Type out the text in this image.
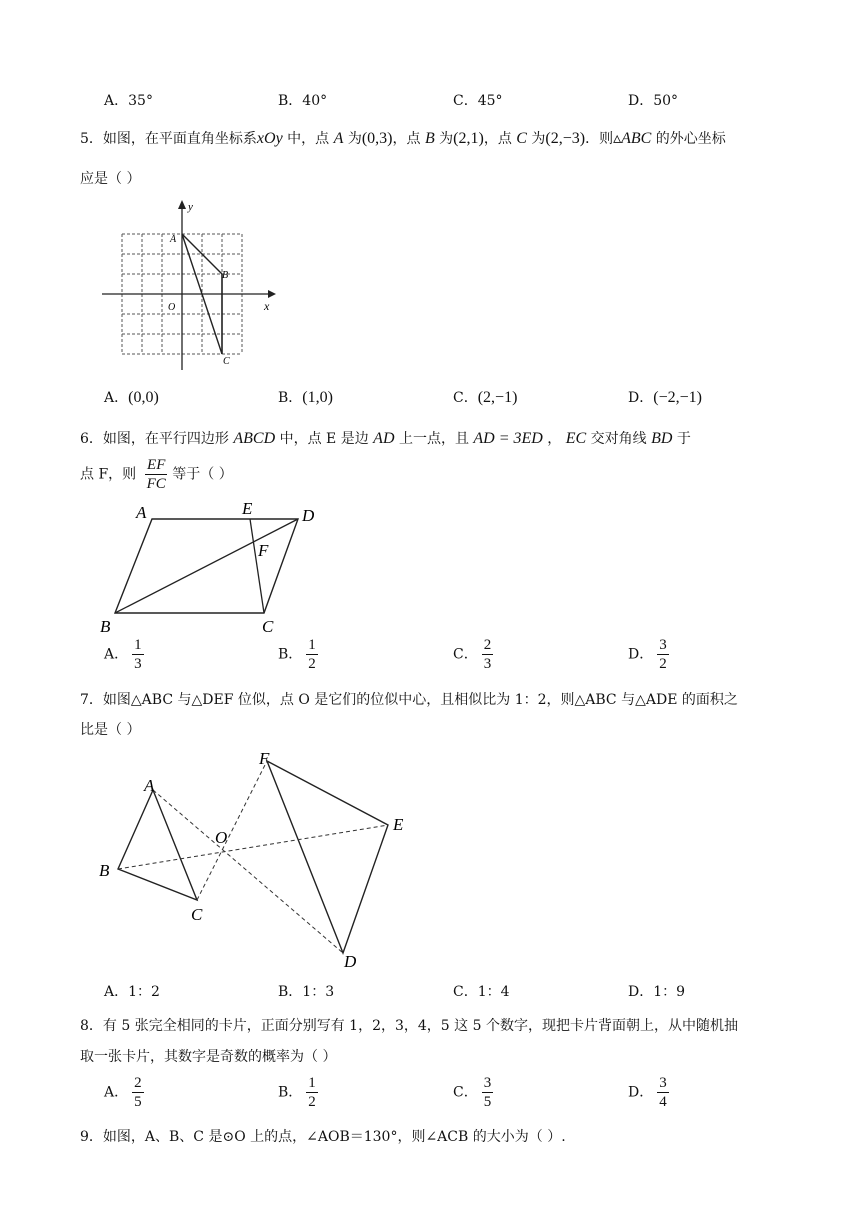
A．35°	B．40°	C．45°	D．50°
5．如图，在平面直角坐标系xOy 中，点 A 为(0,3)，点 B 为(2,1)，点 C 为(2,−3)．则▵ABC 的外心坐标
应是（ ）
y
x
A
B
C
O
A．(0,0)	B．(1,0)	C．(2,−1)	D．(−2,−1)
6．如图，在平行四边形 ABCD 中，点 E 是边 AD 上一点，且 AD = 3ED ， EC 交对角线 BD 于
点 F，则 $\frac{EF}{FC}$ 等于（ ）
A	E	D
F
B	C
A． $\frac{1}{3}$	B． $\frac{1}{2}$	C． $\frac{2}{3}$	D． $\frac{3}{2}$
7．如图△ABC 与△DEF 位似，点 O 是它们的位似中心，且相似比为 1：2，则△ABC 与△ADE 的面积之
比是（ ）
A
B
C
O
F
E
D
A．1：2	B．1：3	C．1：4	D．1：9
8．有 5 张完全相同的卡片，正面分别写有 1，2，3，4，5 这 5 个数字，现把卡片背面朝上，从中随机抽
取一张卡片，其数字是奇数的概率为（ ）
A． $\frac{2}{5}$	B． $\frac{1}{2}$	C． $\frac{3}{5}$	D． $\frac{3}{4}$
9．如图，A、B、C 是⊙O 上的点，∠AOB＝130°，则∠ACB 的大小为（ ）.
